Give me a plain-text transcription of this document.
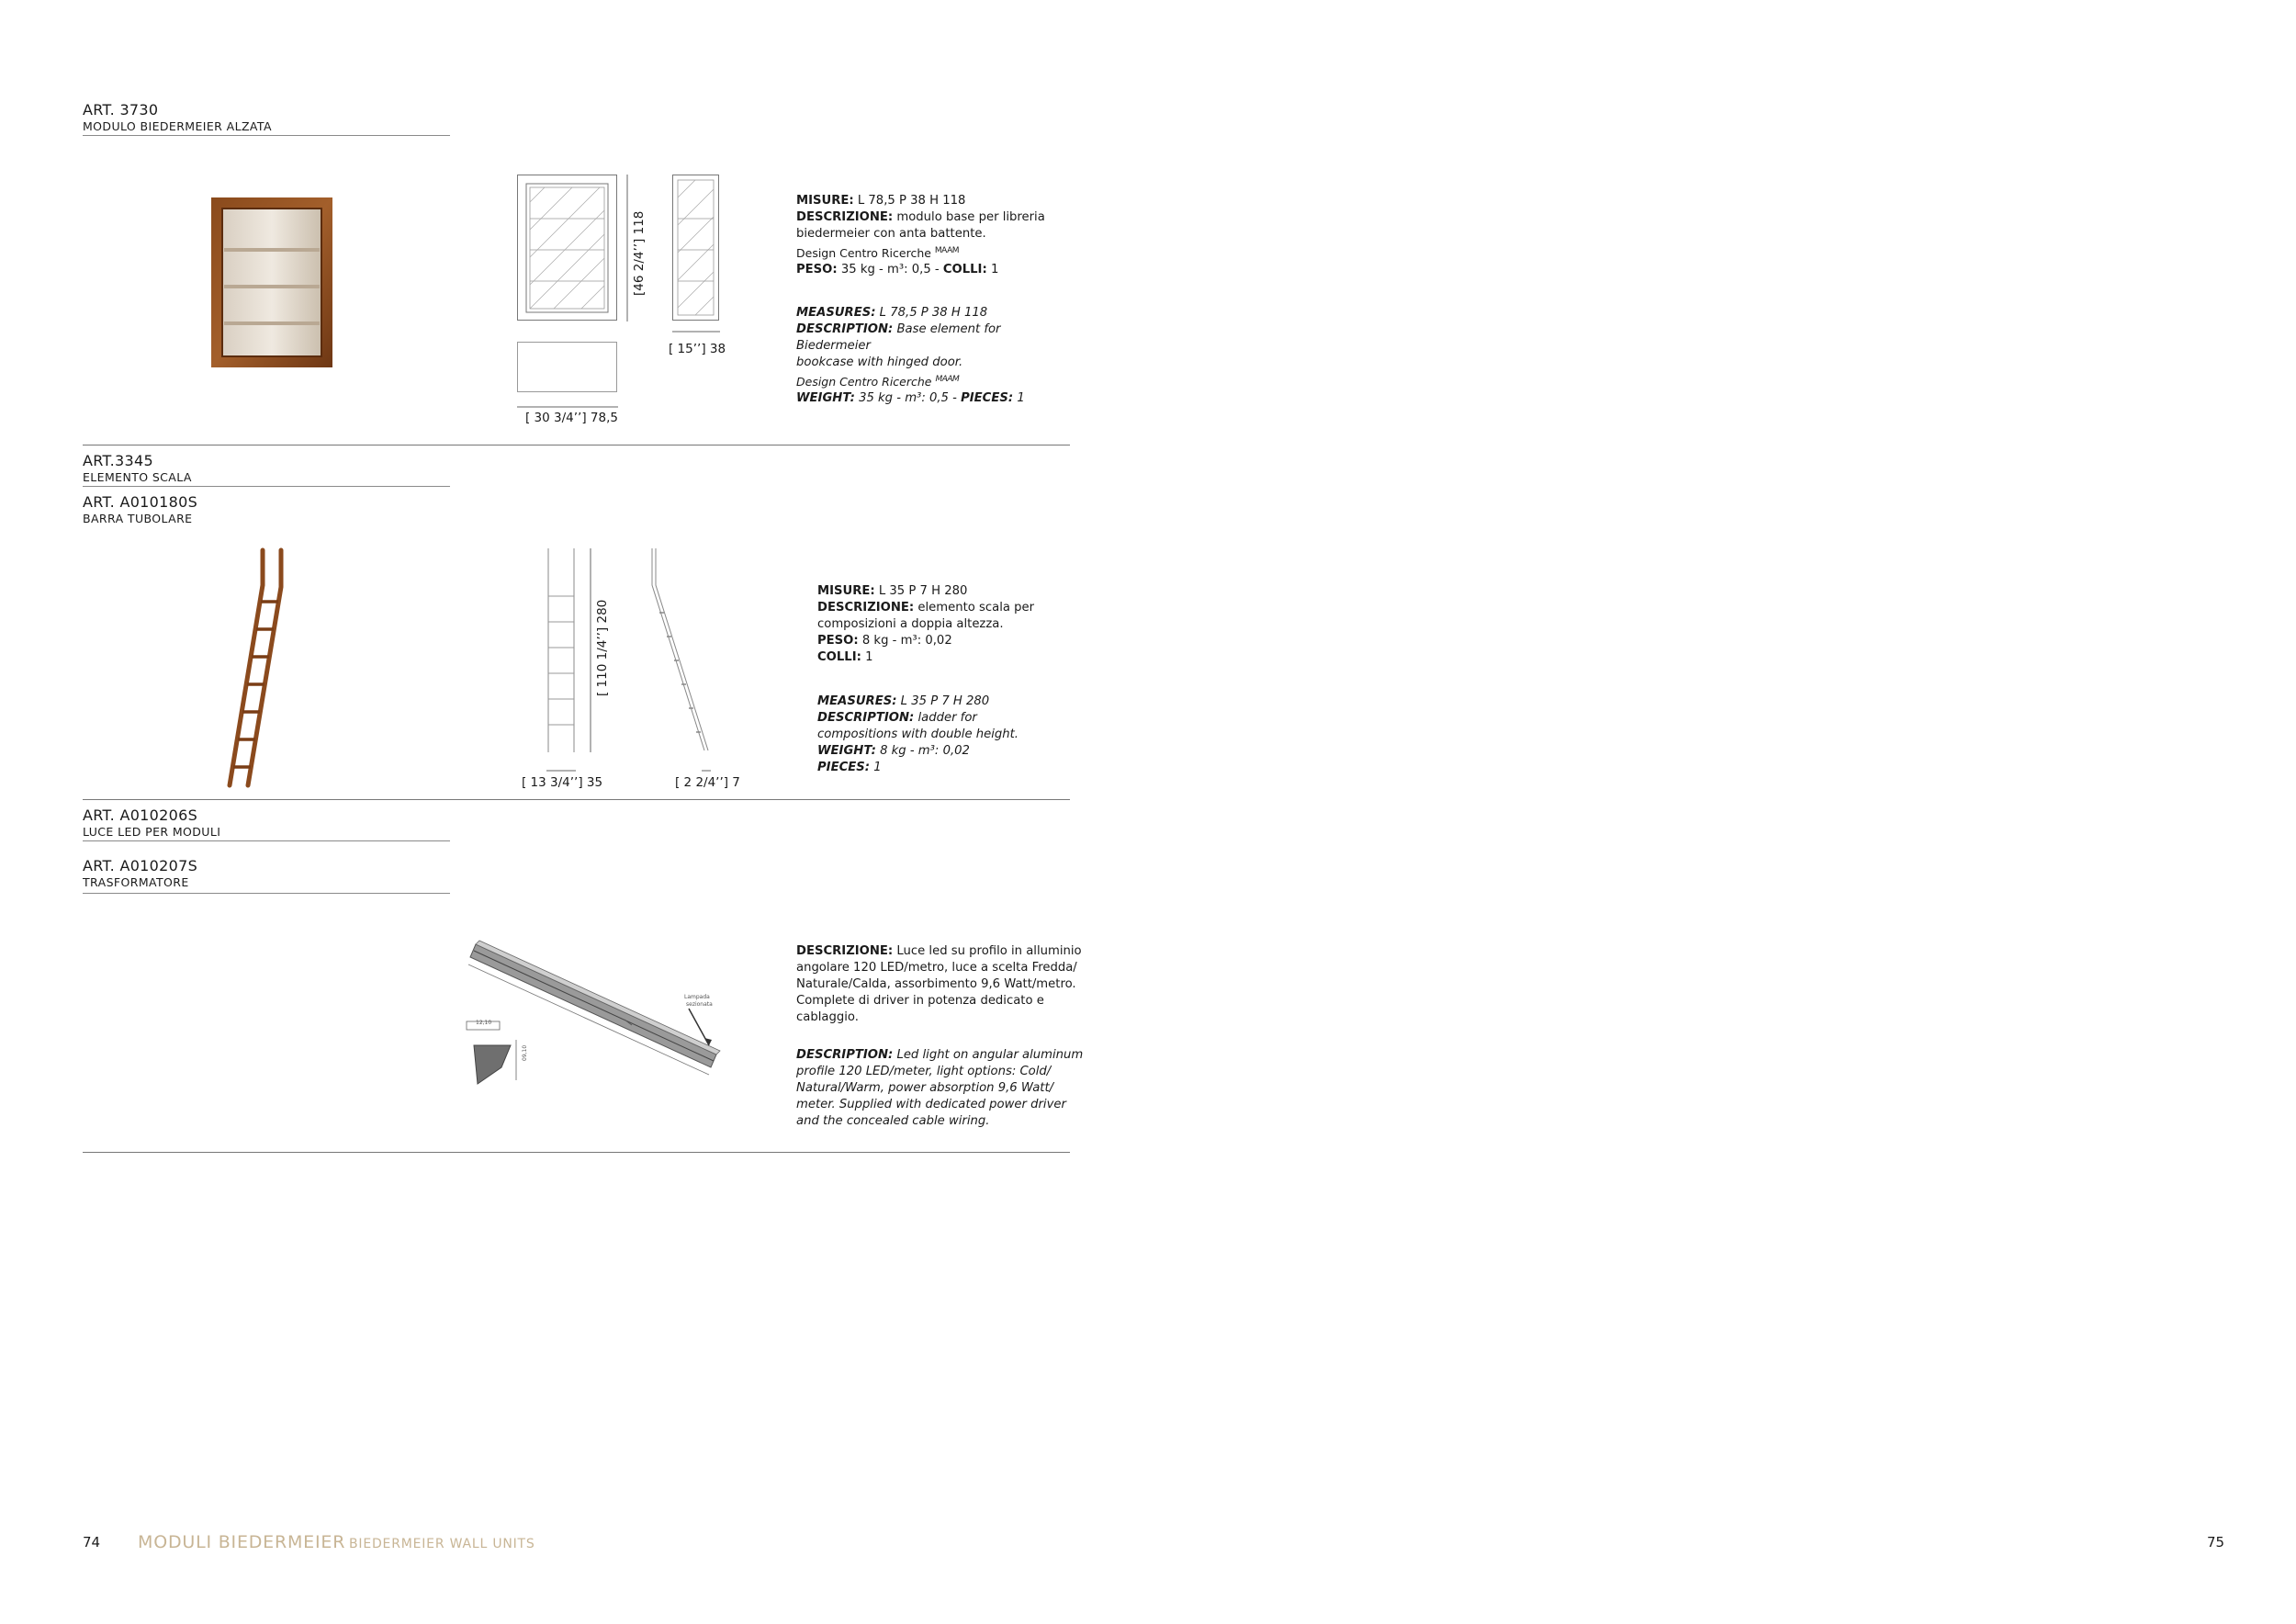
ART. 3730
MODULO BIEDERMEIER ALZATA
[46 2/4’’] 118
[ 15’’] 38
[ 30 3/4’’] 78,5
MISURE: L 78,5 P 38 H 118
DESCRIZIONE: modulo base per libreria
biedermeier con anta battente.
Design Centro Ricerche $^{MAAM}$
PESO: 35 kg - m³: 0,5 - COLLI: 1
MEASURES: L 78,5 P 38 H 118
DESCRIPTION: Base element for Biedermeier
bookcase with hinged door.
Design Centro Ricerche $^{MAAM}$
WEIGHT: 35 kg - m³: 0,5 - PIECES: 1
ART.3345
ELEMENTO SCALA
ART. A010180S
BARRA TUBOLARE
[ 110 1/4’’] 280
[ 13 3/4’’] 35	[ 2 2/4’’] 7
MISURE: L 35 P 7 H 280
DESCRIZIONE: elemento scala per
composizioni a doppia altezza.
PESO: 8 kg - m³: 0,02
COLLI: 1
MEASURES: L 35 P 7 H 280
DESCRIPTION: ladder for
compositions with double height.
WEIGHT: 8 kg - m³: 0,02
PIECES: 1
ART. A010206S
LUCE LED PER MODULI
ART. A010207S
TRASFORMATORE
12,10
09,10
Lampada
sezionata
DESCRIZIONE: Luce led su profilo in alluminio
angolare 120 LED/metro, luce a scelta Fredda/
Naturale/Calda, assorbimento 9,6 Watt/metro.
Complete di driver in potenza dedicato e
cablaggio.
DESCRIPTION: Led light on angular aluminum
profile 120 LED/meter, light options: Cold/
Natural/Warm, power absorption 9,6 Watt/
meter. Supplied with dedicated power driver
and the concealed cable wiring.
74 MODULI BIEDERMEIER BIEDERMEIER WALL UNITS	75
